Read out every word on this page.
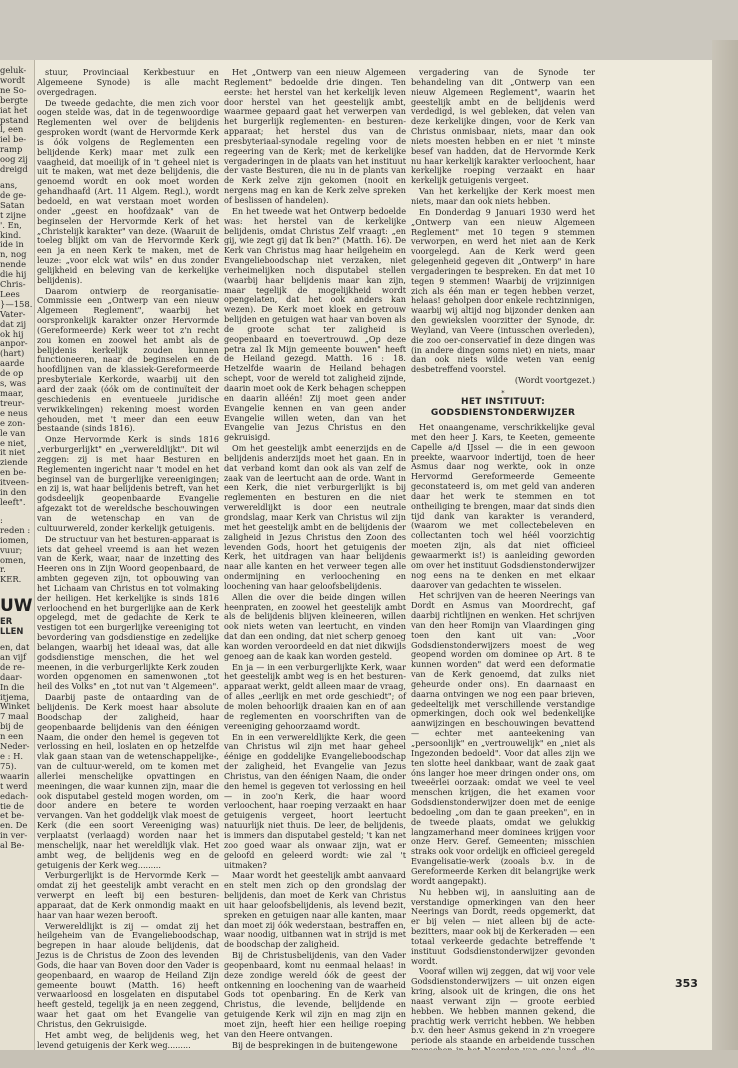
geluk-
wordt
ne So-
bergte
iat het
pstand
l, een
iel be-
ramp
oog zij
dreigd
ans,
de ge-
Satan
t zijne
'. En,
kind.
ide in
n, nog
nende
die hij
Chris-
Lees
}—158.
Vater-
dat zij
ok hij
anpor-
(hart)
aarde
de op
s, was
maar,
treur-
e neus
e zon-
le van
e niet,
it niet
ziende
en be-
itveen-
in den
leeft".
:
reden :
iomen,
vuur;
omen,
r.
KER.
UW
ER
LLEN
en, dat
an vijf
de re-
daar-
In die
itjema,
Winket
7 maal
bij de
n een
Neder-
e : H.
75).
waarin
t werd
edach-
tie de
et be-
en. De
in ver-
al Be-

stuur, Provinciaal Kerkbestuur en Algemeene Synode) is alle macht overgedragen.

De tweede gedachte, die men zich voor oogen stelde was, dat in de tegenwoordige Reglementen wel over de belijdenis gesproken wordt (want de Hervormde Kerk is óók volgens de Reglementen een belijdende Kerk) maar met zulk een vaagheid, dat moeilijk of in 't geheel niet is uit te maken, wat met deze belijdenis, die genoemd wordt en ook moet worden gehandhaafd (Art. 11 Algem. Regl.), wordt bedoeld, en wat verstaan moet worden onder „geest en hoofdzaak" van de beginselen der Hervormde Kerk of het „Christelijk karakter" van deze. (Waaruit de toeleg blijkt om van de Hervormde Kerk een ja en neen Kerk te maken, met de leuze: „voor elck wat wils" en dus zonder gelijkheid en beleving van de kerkelijke belijdenis).

Daarom ontwierp de reorganisatie-Commissie een „Ontwerp van een nieuw Algemeen Reglement", waarbij het oorspronkelijk karakter onzer Hervormde (Gereformeerde) Kerk weer tot z'n recht zou komen en zoowel het ambt als de belijdenis kerkelijk zouden kunnen functioneeren, naar de beginselen en de hoofdlijnen van de klassiek-Gereformeerde presbyteriale Kerkorde, waarbij uit den aard der zaak (óók om de continuïteit der geschiedenis en eventueele juridische verwikkelingen) rekening moest worden gehouden, met 't meer dan een eeuw bestaande (sinds 1816).

Onze Hervormde Kerk is sinds 1816 „verburgerlijkt" en „verwereldlijkt". Dit wil zeggen: zij is met haar Besturen en Reglementen ingericht naar 't model en het beginsel van de burgerlijke vereenigingen; en zij is, wat haar belijdenis betreft, van het godsdeelijk geopenbaarde Evangelie afgezakt tot de wereldsche beschouwingen van de wetenschap en van de cultuurwereld, zonder kerkelijk getuigenis.

De structuur van het besturen-apparaat is iets dat geheel vreemd is aan het wezen van de Kerk, waar, naar de inzetting des Heeren ons in Zijn Woord geopenbaard, de ambten gegeven zijn, tot opbouwing van het Lichaam van Christus en tot volmaking der heiligen. Het kerkelijke is sinds 1816 verloochend en het burgerlijke aan de Kerk opgelegd, met de gedachte de Kerk te vestigen tot een burgerlijke vereeniging tot bevordering van godsdienstige en zedelijke belangen, waarbij het ideaal was, dat alle godsdienstige menschen, die het wel meenen, in die verburgerlijkte Kerk zouden worden opgenomen en samenwonen „tot heil des Volks" en „tot nut van 't Algemeen".

Daarbij paste de ontaarding van de belijdenis. De Kerk moest haar absolute Boodschap der zaligheid, haar geopenbaarde belijdenis van den éénigen Naam, die onder den hemel is gegeven tot verlossing en heil, loslaten en op hetzelfde vlak gaan staan van de wetenschappelijke-, van de cultuur-wereld, om te komen met allerlei menschelijke opvattingen en meeningen, die waar kunnen zijn, maar die ook disputabel gesteld mogen worden, om door andere en betere te worden vervangen. Van het goddelijk vlak moest de Kerk (die een soort Vereeniging was) verplaatst (verlaagd) worden naar het menschelijk, naar het wereldlijk vlak. Het ambt weg, de belijdenis weg en de getuigenis der Kerk weg.........

Verburgerlijkt is de Hervormde Kerk — omdat zij het geestelijk ambt veracht en verwerpt en leeft bij een besturen-apparaat, dat de Kerk onmondig maakt en haar van haar wezen berooft.

Verwereldlijkt is zij — omdat zij het heilgeheim van de Evangelieboodschap, begrepen in haar aloude belijdenis, dat Jezus is de Christus de Zoon des levenden Gods, die haar van Boven door den Vader is geopenbaard, en waarop de Heiland Zijn gemeente bouwt (Matth. 16) heeft verwaarloosd en losgelaten en disputabel heeft gesteld, tegelijk ja en neen zeggend, waar het gaat om het Evangelie van Christus, den Gekruisigde.

Het ambt weg, de belijdenis weg, het levend getuigenis der Kerk weg.........

Het „Ontwerp van een nieuw Algemeen Reglement" bedoelde drie dingen. Ten eerste: het herstel van het kerkelijk leven door herstel van het geestelijk ambt, waarmee gepaard gaat het verwerpen van het burgerlijk reglementen- en besturen-apparaat; het herstel dus van de presbyteriaal-synodale regeling voor de regeering van de Kerk; met de kerkelijke vergaderingen in de plaats van het instituut der vaste Besturen, die nu in de plants van de Kerk zelve zijn gekomen (nooit en nergens mag en kan de Kerk zelve spreken of beslissen of handelen).

En het tweede wat het Ontwerp bedoelde was: het herstel van de kerkelijke belijdenis, omdat Christus Zelf vraagt: „en gij, wie zegt gij dat Ik ben?" (Matth. 16). De Kerk van Christus mag haar heilgeheim en Evangelieboodschap niet verzaken, niet verheimelijken noch disputabel stellen (waarbij haar belijdenis maar kan zijn, maar tegelijk de mogelijkheid wordt opengelaten, dat het ook anders kan wezen). De Kerk moet kloek en getrouw belijden en getuigen wat haar van boven als de groote schat ter zaligheid is geopenbaard en toevertrouwd. „Op deze petra zal Ik Mijn gemeente bouwen" heeft de Heiland gezegd. Matth. 16 : 18. Hetzelfde waarin de Heiland behagen schept, voor de wereld tot zaligheid zijnde, daarin moet ook de Kerk behagen scheppen en daarin alléén! Zij moet geen ander Evangelie kennen en van geen ander Evangelie willen weten, dan van het Evangelie van Jezus Christus en den gekruisigd.

Om het geestelijk ambt eenerzijds en de belijdenis anderzijds moet het gaan. En in dat verband komt dan ook als van zelf de zaak van de leertucht aan de orde. Want in een Kerk, die niet verburgerlijkt is bij reglementen en besturen en die niet verwereldlijkt is door een neutrale grondslag, maar Kerk van Christus wil zijn met het geestelijk ambt en de belijdenis der zaligheid in Jezus Christus den Zoon des levenden Gods, hoort het getuigenis der Kerk, het uitdragen van haar belijdenis naar alle kanten en het verweer tegen alle ondermijning en verloochening en loochening van haar geloofsbelijdenis.

Allen die over die beide dingen willen heenpraten, en zoowel het geestelijk ambt als de belijdenis blijven kleineeren, willen ook niets weten van leertucht, en vinden dat dan een onding, dat niet scherp genoeg kan worden veroordeeld en dat niet dikwijls genoeg aan de kaak kan worden gesteld.

En ja — in een verburgerlijkte Kerk, waar het geestelijk ambt weg is en het besturen-apparaat werkt, geldt alleen maar de vraag, of alles „eerlijk en met orde geschiedt"; of de molen behoorlijk draaien kan en of aan de reglementen en voorschriften van de vereeniging gehoorzaamd wordt.

En in een verwereldlijkte Kerk, die geen van Christus wil zijn met haar geheel éénige en goddelijke Evangelieboodschap der zaligheid, het Evangelie van Jezus Christus, van den éénigen Naam, die onder den hemel is gegeven tot verlossing en heil — in zoo'n Kerk, die haar woord verloochent, haar roeping verzaakt en haar getuigenis vergeet, hoort leertucht natuurlijk niet thuis. De leer, de belijdenis, is immers dan disputabel gesteld; 't kan net zoo goed waar als onwaar zijn, wat er geloofd en geleerd wordt: wie zal 't uitmaken?

Maar wordt het geestelijk ambt aanvaard en stelt men zich op den grondslag der belijdenis, dan moet de Kerk van Christus uit haar geloofsbelijdenis, als levend bezit, spreken en getuigen naar alle kanten, maar dan moet zij óók wederstaan, bestraffen en, waar noodig, uitbannen wat in strijd is met de boodschap der zaligheid.

Bij de Christusbelijdenis, van den Vader geopenbaard, komt nu eenmaal helaas! in deze zondige wereld óók de geest der ontkenning en loochening van de waarheid Gods tot openbaring. En de Kerk van Christus, die levende, belijdende en getuigende Kerk wil zijn en mag zijn en moet zijn, heeft hier een heilige roeping van den Heere ontvangen.

Bij de besprekingen in de buitengewone

vergadering van de Synode ter behandeling van dit „Ontwerp van een nieuw Algemeen Reglement", waarin het geestelijk ambt en de belijdenis werd verdedigd, is wel gebleken, dat velen van deze kerkelijke dingen, voor de Kerk van Christus onmisbaar, niets, maar dan ook niets moesten hebben en er niet 't minste besef van hadden, dat de Hervormde Kerk nu haar kerkelijk karakter verloochent, haar kerkelijke roeping verzaakt en haar kerkelijk getuigenis vergeet.

Van het kerkelijke der Kerk moest men niets, maar dan ook niets hebben.

En Donderdag 9 Januari 1930 werd het „Ontwerp van een nieuw Algemeen Reglement" met 10 tegen 9 stemmen verworpen, en werd het niet aan de Kerk voorgelegd. Aan de Kerk werd geen gelegenheid gegeven dit „Ontwerp" in hare vergaderingen te bespreken. En dat met 10 tegen 9 stemmen! Waarbij de vrijzinnigen zich als één man er tegen hebben verzet, helaas! geholpen door enkele rechtzinnigen, waarbij wij altijd nog bijzonder denken aan den gewiekslen voorzitter der Synode, dr. Weyland, van Veere (intusschen overleden), die zoo oer-conservatief in deze dingen was (in andere dingen soms niet) en niets, maar dan ook niets wilde weten van eenig desbetreffend voorstel.

(Wordt voortgezet.)

*
HET INSTITUUT:
GODSDIENSTONDERWIJZER

Het onaangename, verschrikkelijke geval met den heer J. Kars, te Keeten, gemeente Capelle a/d IJssel — die in een gewoon preekte, waarvoor indertijd, toen de heer Asmus daar nog werkte, ook in onze Hervormd Gereformeerde Gemeente geconstateerd is, om met geld van anderen daar het werk te stemmen en tot ontheiliging te brengen, maar dat sinds dien tijd dank van karakter is veranderd, (waarom we met collectebeleven en collectanten toch wel héél voorzichtig moeten zijn, als dat niet officieel gewaarmerkt is!) is aanleiding geworden om over het instituut Godsdienstonderwijzer nog eens na te denken en met elkaar daarover van gedachten te wisselen.

Het schrijven van de heeren Neerings van Dordt en Asmus van Moordrecht, gaf daarbij richtlijnen en wenken. Het schrijven van den heer Romijn van Vlaardingen ging toen den kant uit van: „Voor Godsdienstonderwijzers moest de weg geopend worden om dominee op Art. 8 te kunnen worden" dat werd een deformatie van de Kerk genoemd, dat zulks niet geheurde onder ons). En daarnaast en daarna ontvingen we nog een paar brieven, gedeeltelijk met verschillende verstandige opmerkingen, doch ook wel bedenkelijke aanwijzingen en beschouwingen bevattend — echter met aanteekening van „persoonlijk" en „vertrouwelijk" en „niet als Ingezonden bedoeld". Voor dat alles zijn we ten slotte heel dankbaar, want de zaak gaat óns langer hoe meer dringen onder ons, om tweeërlei oorzaak: omdat we veel te veel menschen krijgen, die het examen voor Godsdienstonderwijzer doen met de eenige bedoeling „om dan te gaan preeken", en in de tweede plaats, omdat we gelukkig langzamerhand meer dominees krijgen voor onze Herv. Geref. Gemeenten; misschien straks ook voor ordelijk en officieel geregeld Evangelisatie-werk (zooals b.v. in de Gereformeerde Kerken dit belangrijke werk wordt aangepakt).

Nu hebben wij, in aansluiting aan de verstandige opmerkingen van den heer Neerings van Dordt, reeds opgemerkt, dat er bij velen — niet alleen bij de acte-bezitters, maar ook bij de Kerkeraden — een totaal verkeerde gedachte betreffende 't instituut Godsdienstonderwijzer gevonden wordt.

Vooraf willen wij zeggen, dat wij voor vele Godsdienstonderwijzers — uit onzen eigen kring, alsook uit de kringen, die ons het naast verwant zijn — groote eerbied hebben. We hebben mannen gekend, die prachtig werk verricht hebben. We hebben b.v. den heer Asmus gekend in z'n vroegere periode als staande en arbeidende tusschen

353
